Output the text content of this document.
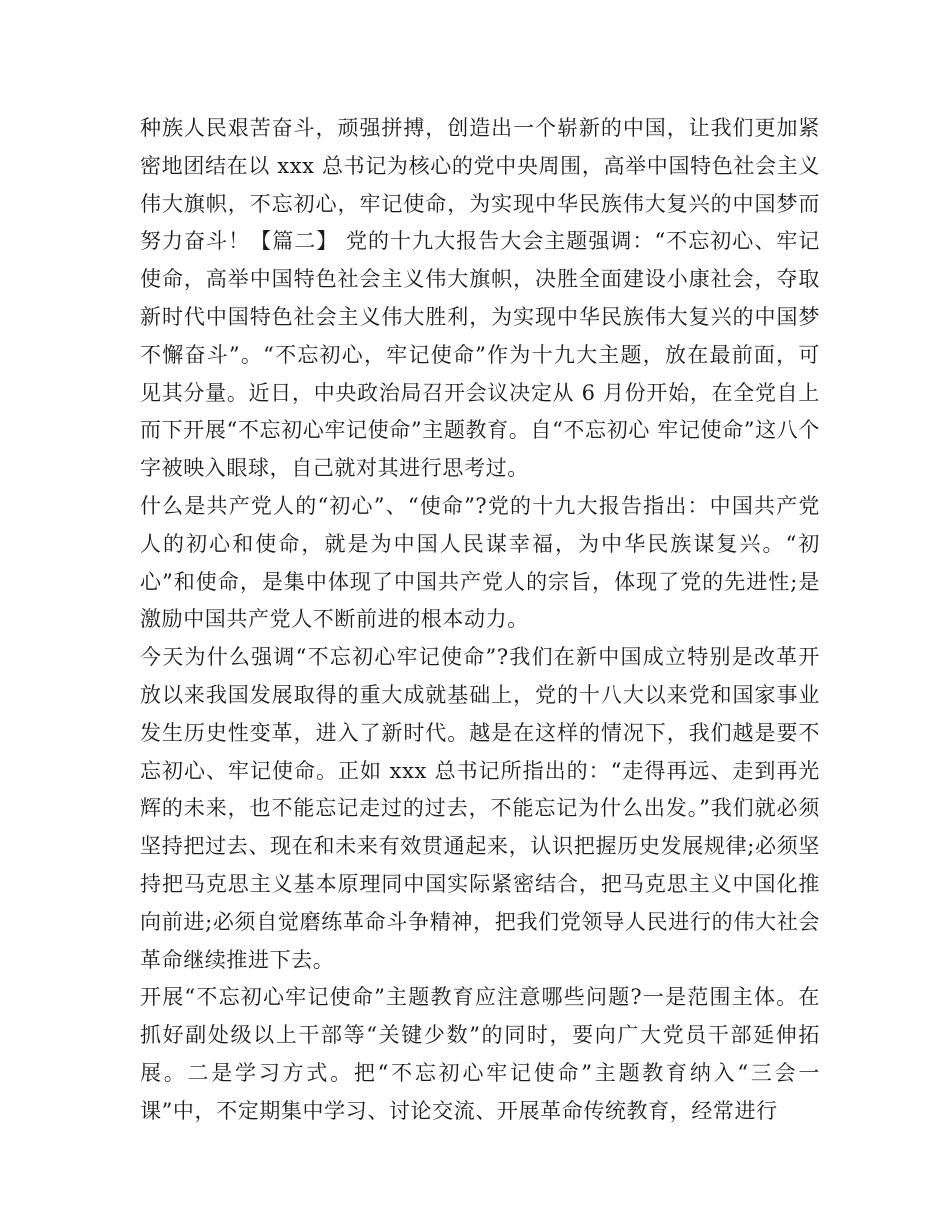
种族人民艰苦奋斗，顽强拼搏，创造出一个崭新的中国，让我们更加紧密地团结在以 xxx 总书记为核心的党中央周围，高举中国特色社会主义伟大旗帜，不忘初心，牢记使命，为实现中华民族伟大复兴的中国梦而努力奋斗！【篇二】 党的十九大报告大会主题强调：“不忘初心、牢记使命，高举中国特色社会主义伟大旗帜，决胜全面建设小康社会，夺取新时代中国特色社会主义伟大胜利，为实现中华民族伟大复兴的中国梦不懈奋斗”。“不忘初心，牢记使命”作为十九大主题，放在最前面，可见其分量。近日，中央政治局召开会议决定从 6 月份开始，在全党自上而下开展“不忘初心牢记使命”主题教育。自“不忘初心 牢记使命”这八个字被映入眼球，自己就对其进行思考过。

什么是共产党人的“初心”、“使命”?党的十九大报告指出：中国共产党人的初心和使命，就是为中国人民谋幸福，为中华民族谋复兴。“初心”和使命，是集中体现了中国共产党人的宗旨，体现了党的先进性;是激励中国共产党人不断前进的根本动力。

今天为什么强调“不忘初心牢记使命”?我们在新中国成立特别是改革开放以来我国发展取得的重大成就基础上，党的十八大以来党和国家事业发生历史性变革，进入了新时代。越是在这样的情况下，我们越是要不忘初心、牢记使命。正如 xxx 总书记所指出的：“走得再远、走到再光辉的未来，也不能忘记走过的过去，不能忘记为什么出发。”我们就必须坚持把过去、现在和未来有效贯通起来，认识把握历史发展规律;必须坚持把马克思主义基本原理同中国实际紧密结合，把马克思主义中国化推向前进;必须自觉磨练革命斗争精神，把我们党领导人民进行的伟大社会革命继续推进下去。

开展“不忘初心牢记使命”主题教育应注意哪些问题?一是范围主体。在抓好副处级以上干部等“关键少数”的同时，要向广大党员干部延伸拓展。二是学习方式。把“不忘初心牢记使命”主题教育纳入“三会一课”中，不定期集中学习、讨论交流、开展革命传统教育，经常进行
